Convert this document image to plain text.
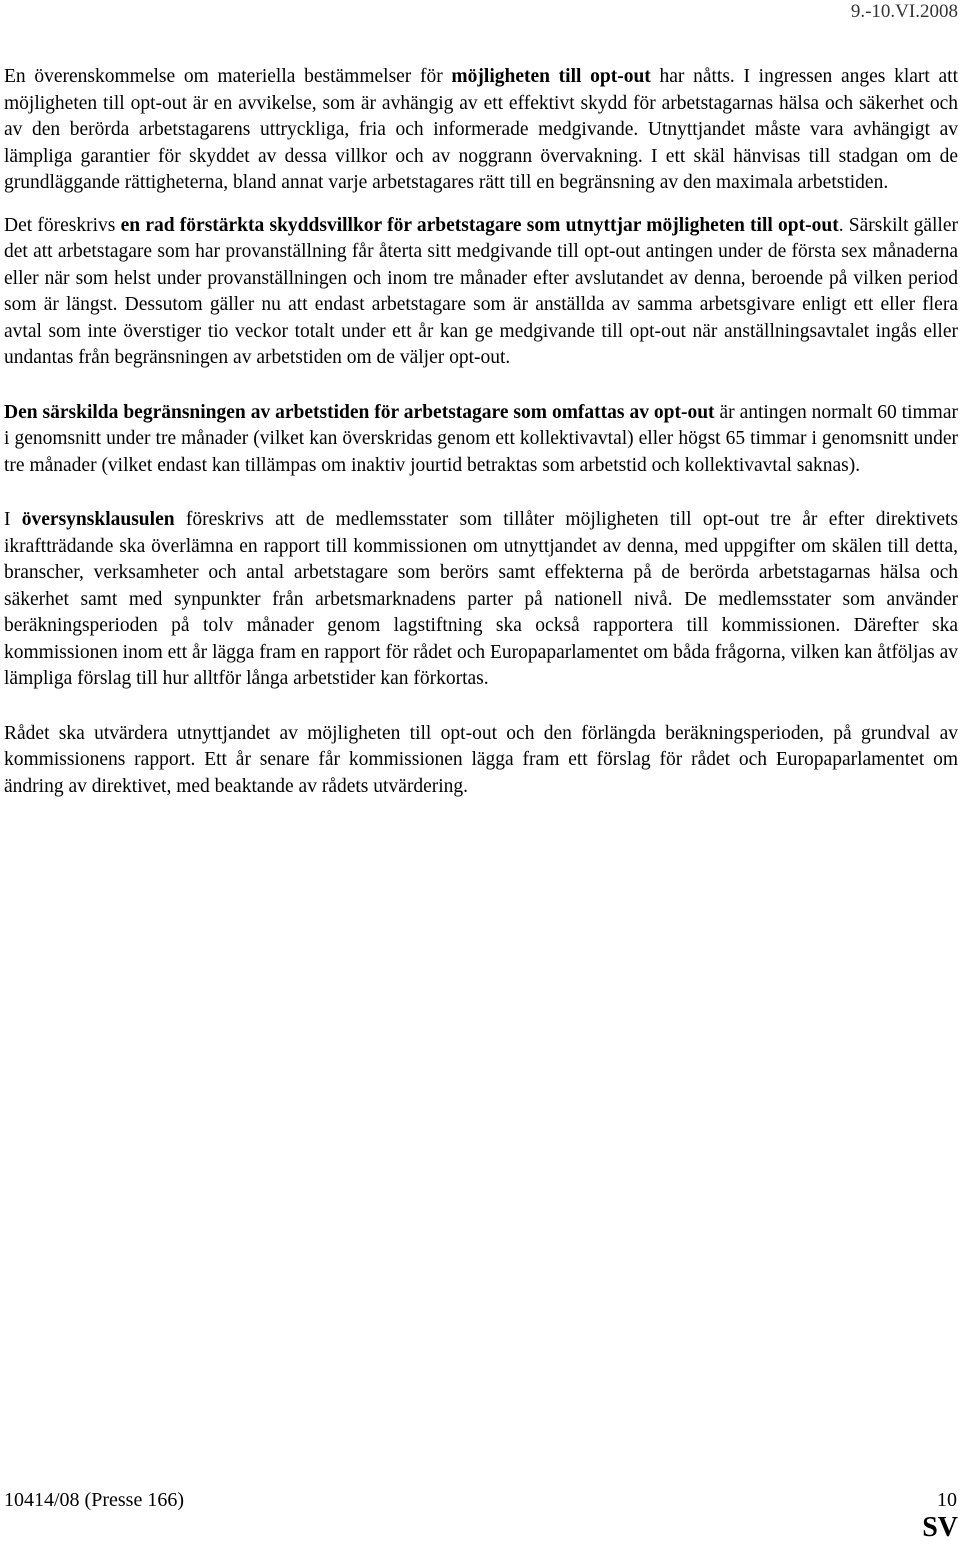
9.-10.VI.2008

En överenskommelse om materiella bestämmelser för möjligheten till opt-out har nåtts. I ingressen anges klart att möjligheten till opt-out är en avvikelse, som är avhängig av ett effektivt skydd för arbetstagarnas hälsa och säkerhet och av den berörda arbetstagarens uttryckliga, fria och informerade medgivande. Utnyttjandet måste vara avhängigt av lämpliga garantier för skyddet av dessa villkor och av noggrann övervakning. I ett skäl hänvisas till stadgan om de grundläggande rättigheterna, bland annat varje arbetstagares rätt till en begränsning av den maximala arbetstiden.

Det föreskrivs en rad förstärkta skyddsvillkor för arbetstagare som utnyttjar möjligheten till opt-out. Särskilt gäller det att arbetstagare som har provanställning får återta sitt medgivande till opt-out antingen under de första sex månaderna eller när som helst under provanställningen och inom tre månader efter avslutandet av denna, beroende på vilken period som är längst. Dessutom gäller nu att endast arbetstagare som är anställda av samma arbetsgivare enligt ett eller flera avtal som inte överstiger tio veckor totalt under ett år kan ge medgivande till opt-out när anställningsavtalet ingås eller undantas från begränsningen av arbetstiden om de väljer opt-out.

Den särskilda begränsningen av arbetstiden för arbetstagare som omfattas av opt-out är antingen normalt 60 timmar i genomsnitt under tre månader (vilket kan överskridas genom ett kollektivavtal) eller högst 65 timmar i genomsnitt under tre månader (vilket endast kan tillämpas om inaktiv jourtid betraktas som arbetstid och kollektivavtal saknas).

I översynsklausulen föreskrivs att de medlemsstater som tillåter möjligheten till opt-out tre år efter direktivets ikraftträdande ska överlämna en rapport till kommissionen om utnyttjandet av denna, med uppgifter om skälen till detta, branscher, verksamheter och antal arbetstagare som berörs samt effekterna på de berörda arbetstagarnas hälsa och säkerhet samt med synpunkter från arbetsmarknadens parter på nationell nivå. De medlemsstater som använder beräkningsperioden på tolv månader genom lagstiftning ska också rapportera till kommissionen. Därefter ska kommissionen inom ett år lägga fram en rapport för rådet och Europaparlamentet om båda frågorna, vilken kan åtföljas av lämpliga förslag till hur alltför långa arbetstider kan förkortas.

Rådet ska utvärdera utnyttjandet av möjligheten till opt-out och den förlängda beräkningsperioden, på grundval av kommissionens rapport. Ett år senare får kommissionen lägga fram ett förslag för rådet och Europaparlamentet om ändring av direktivet, med beaktande av rådets utvärdering.

10414/08 (Presse 166)	10
SV
